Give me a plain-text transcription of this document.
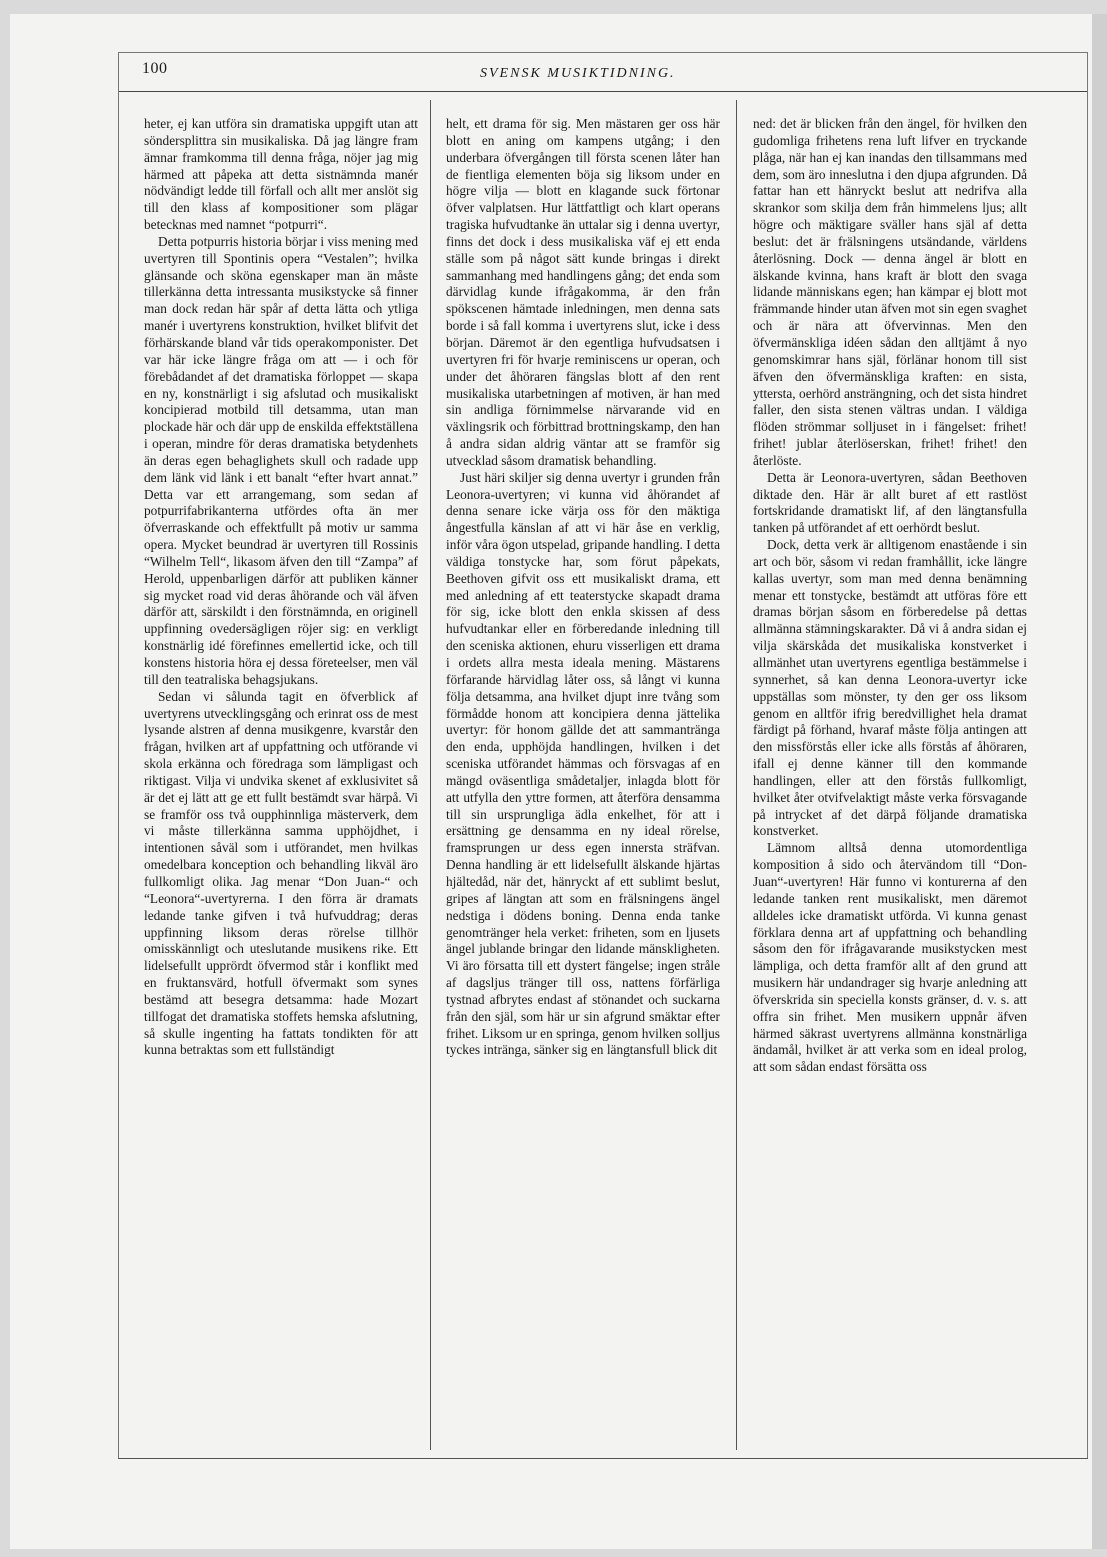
100	SVENSK MUSIKTIDNING.

heter, ej kan utföra sin dramatiska uppgift utan att söndersplittra sin musikaliska. Då jag längre fram ämnar framkomma till denna fråga, nöjer jag mig härmed att påpeka att detta sistnämnda manér nödvändigt ledde till förfall och allt mer anslöt sig till den klass af kompositioner som plägar betecknas med namnet “potpurri“.

Detta potpurris historia börjar i viss mening med uvertyren till Spontinis opera “Vestalen”; hvilka glänsande och sköna egenskaper man än måste tillerkänna detta intressanta musikstycke så finner man dock redan här spår af detta lätta och ytliga manér i uvertyrens konstruktion, hvilket blifvit det förhärskande bland vår tids operakomponister. Det var här icke längre fråga om att — i och för förebådandet af det dramatiska förloppet — skapa en ny, konstnärligt i sig afslutad och musikaliskt koncipierad motbild till detsamma, utan man plockade här och där upp de enskilda effektställena i operan, mindre för deras dramatiska betydenhets än deras egen behaglighets skull och radade upp dem länk vid länk i ett banalt “efter hvart annat.” Detta var ett arrangemang, som sedan af potpurrifabrikanterna utfördes ofta än mer öfverraskande och effektfullt på motiv ur samma opera. Mycket beundrad är uvertyren till Rossinis “Wilhelm Tell“, likasom äfven den till “Zampa” af Herold, uppenbarligen därför att publiken känner sig mycket road vid deras åhörande och väl äfven därför att, särskildt i den förstnämnda, en originell uppfinning ovedersägligen röjer sig: en verkligt konstnärlig idé förefinnes emellertid icke, och till konstens historia höra ej dessa företeelser, men väl till den teatraliska behagsjukans.

Sedan vi sålunda tagit en öfverblick af uvertyrens utvecklingsgång och erinrat oss de mest lysande alstren af denna musikgenre, kvarstår den frågan, hvilken art af uppfattning och utförande vi skola erkänna och föredraga som lämpligast och riktigast. Vilja vi undvika skenet af exklusivitet så är det ej lätt att ge ett fullt bestämdt svar härpå. Vi se framför oss två oupphinnliga mästerverk, dem vi måste tillerkänna samma upphöjdhet, i intentionen såväl som i utförandet, men hvilkas omedelbara konception och behandling likväl äro fullkomligt olika. Jag menar “Don Juan-“ och “Leonora“-uvertyrerna. I den förra är dramats ledande tanke gifven i två hufvuddrag; deras uppfinning liksom deras rörelse tillhör omisskännligt och uteslutande musikens rike. Ett lidelsefullt upprördt öfvermod står i konflikt med en fruktansvärd, hotfull öfvermakt som synes bestämd att besegra detsamma: hade Mozart tillfogat det dramatiska stoffets hemska afslutning, så skulle ingenting ha fattats tondikten för att kunna betraktas som ett fullständigt

helt, ett drama för sig. Men mästaren ger oss här blott en aning om kampens utgång; i den underbara öfvergången till första scenen låter han de fientliga elementen böja sig liksom under en högre vilja — blott en klagande suck förtonar öfver valplatsen. Hur lättfattligt och klart operans tragiska hufvudtanke än uttalar sig i denna uvertyr, finns det dock i dess musikaliska väf ej ett enda ställe som på något sätt kunde bringas i direkt sammanhang med handlingens gång; det enda som därvidlag kunde ifrågakomma, är den från spökscenen hämtade inledningen, men denna sats borde i så fall komma i uvertyrens slut, icke i dess början. Däremot är den egentliga hufvudsatsen i uvertyren fri för hvarje reminiscens ur operan, och under det åhöraren fängslas blott af den rent musikaliska utarbetningen af motiven, är han med sin andliga förnimmelse närvarande vid en växlingsrik och förbittrad brottningskamp, den han å andra sidan aldrig väntar att se framför sig utvecklad såsom dramatisk behandling.

Just häri skiljer sig denna uvertyr i grunden från Leonora-uvertyren; vi kunna vid åhörandet af denna senare icke värja oss för den mäktiga ångestfulla känslan af att vi här åse en verklig, inför våra ögon utspelad, gripande handling. I detta väldiga tonstycke har, som förut påpekats, Beethoven gifvit oss ett musikaliskt drama, ett med anledning af ett teaterstycke skapadt drama för sig, icke blott den enkla skissen af dess hufvudtankar eller en förberedande inledning till den sceniska aktionen, ehuru visserligen ett drama i ordets allra mesta ideala mening. Mästarens förfarande härvidlag låter oss, så långt vi kunna följa detsamma, ana hvilket djupt inre tvång som förmådde honom att koncipiera denna jättelika uvertyr: för honom gällde det att sammantränga den enda, upphöjda handlingen, hvilken i det sceniska utförandet hämmas och försvagas af en mängd oväsentliga smådetaljer, inlagda blott för att utfylla den yttre formen, att återföra densamma till sin ursprungliga ädla enkelhet, för att i ersättning ge densamma en ny ideal rörelse, framsprungen ur dess egen innersta sträfvan. Denna handling är ett lidelsefullt älskande hjärtas hjältedåd, när det, hänryckt af ett sublimt beslut, gripes af längtan att som en frälsningens ängel nedstiga i dödens boning. Denna enda tanke genomtränger hela verket: friheten, som en ljusets ängel jublande bringar den lidande mänskligheten. Vi äro försatta till ett dystert fängelse; ingen stråle af dagsljus tränger till oss, nattens förfärliga tystnad afbrytes endast af stönandet och suckarna från den själ, som här ur sin afgrund smäktar efter frihet. Liksom ur en springa, genom hvilken solljus tyckes inträngа, sänker sig en längtansfull blick dit

ned: det är blicken från den ängel, för hvilken den gudomliga frihetens rena luft lifver en tryckande plåga, när han ej kan inandas den tillsammans med dem, som äro inneslutna i den djupa afgrunden. Då fattar han ett hänryckt beslut att nedrifva alla skrankor som skilja dem från himmelens ljus; allt högre och mäktigare sväller hans själ af detta beslut: det är frälsningens utsändande, världens återlösning. Dock — denna ängel är blott en älskande kvinna, hans kraft är blott den svaga lidande människans egen; han kämpar ej blott mot främmande hinder utan äfven mot sin egen svaghet och är nära att öfvervinnas. Men den öfvermänskliga idéen sådan den alltjämt å nyo genomskimrar hans själ, förlänar honom till sist äfven den öfvermänskliga kraften: en sista, yttersta, oerhörd ansträngning, och det sista hindret faller, den sista stenen vältras undan. I väldiga flöden strömmar solljuset in i fängelset: frihet! frihet! jublar återlöserskan, frihet! frihet! den återlöste.

Detta är Leonora-uvertyren, sådan Beethoven diktade den. Här är allt buret af ett rastlöst fortskridande dramatiskt lif, af den längtansfulla tanken på utförandet af ett oerhördt beslut.

Dock, detta verk är alltigenom enastående i sin art och bör, såsom vi redan framhållit, icke längre kallas uvertyr, som man med denna benämning menar ett tonstycke, bestämdt att utföras före ett dramas början såsom en förberedelse på dettas allmänna stämningskarakter. Då vi å andra sidan ej vilja skärskåda det musikaliska konstverket i allmänhet utan uvertyrens egentliga bestämmelse i synnerhet, så kan denna Leonora-uvertyr icke uppställas som mönster, ty den ger oss liksom genom en alltför ifrig beredvillighet hela dramat färdigt på förhand, hvaraf måste följa antingen att den missförstås eller icke alls förstås af åhöraren, ifall ej denne känner till den kommande handlingen, eller att den förstås fullkomligt, hvilket åter otvifvelaktigt måste verka försvagande på intrycket af det därpå följande dramatiska konstverket.

Lämnom alltså denna utomordentliga komposition å sido och återvändom till “Don-Juan“-uvertyren! Här funno vi konturerna af den ledande tanken rent musikaliskt, men däremot alldeles icke dramatiskt utförda. Vi kunna genast förklara denna art af uppfattning och behandling såsom den för ifrågavarande musikstycken mest lämpliga, och detta framför allt af den grund att musikern här undandrager sig hvarje anledning att öfverskrida sin speciella konsts gränser, d. v. s. att offra sin frihet. Men musikern uppnår äfven härmed säkrast uvertyrens allmänna konstnärliga ändamål, hvilket är att verka som en ideal prolog, att som sådan endast försätta oss
